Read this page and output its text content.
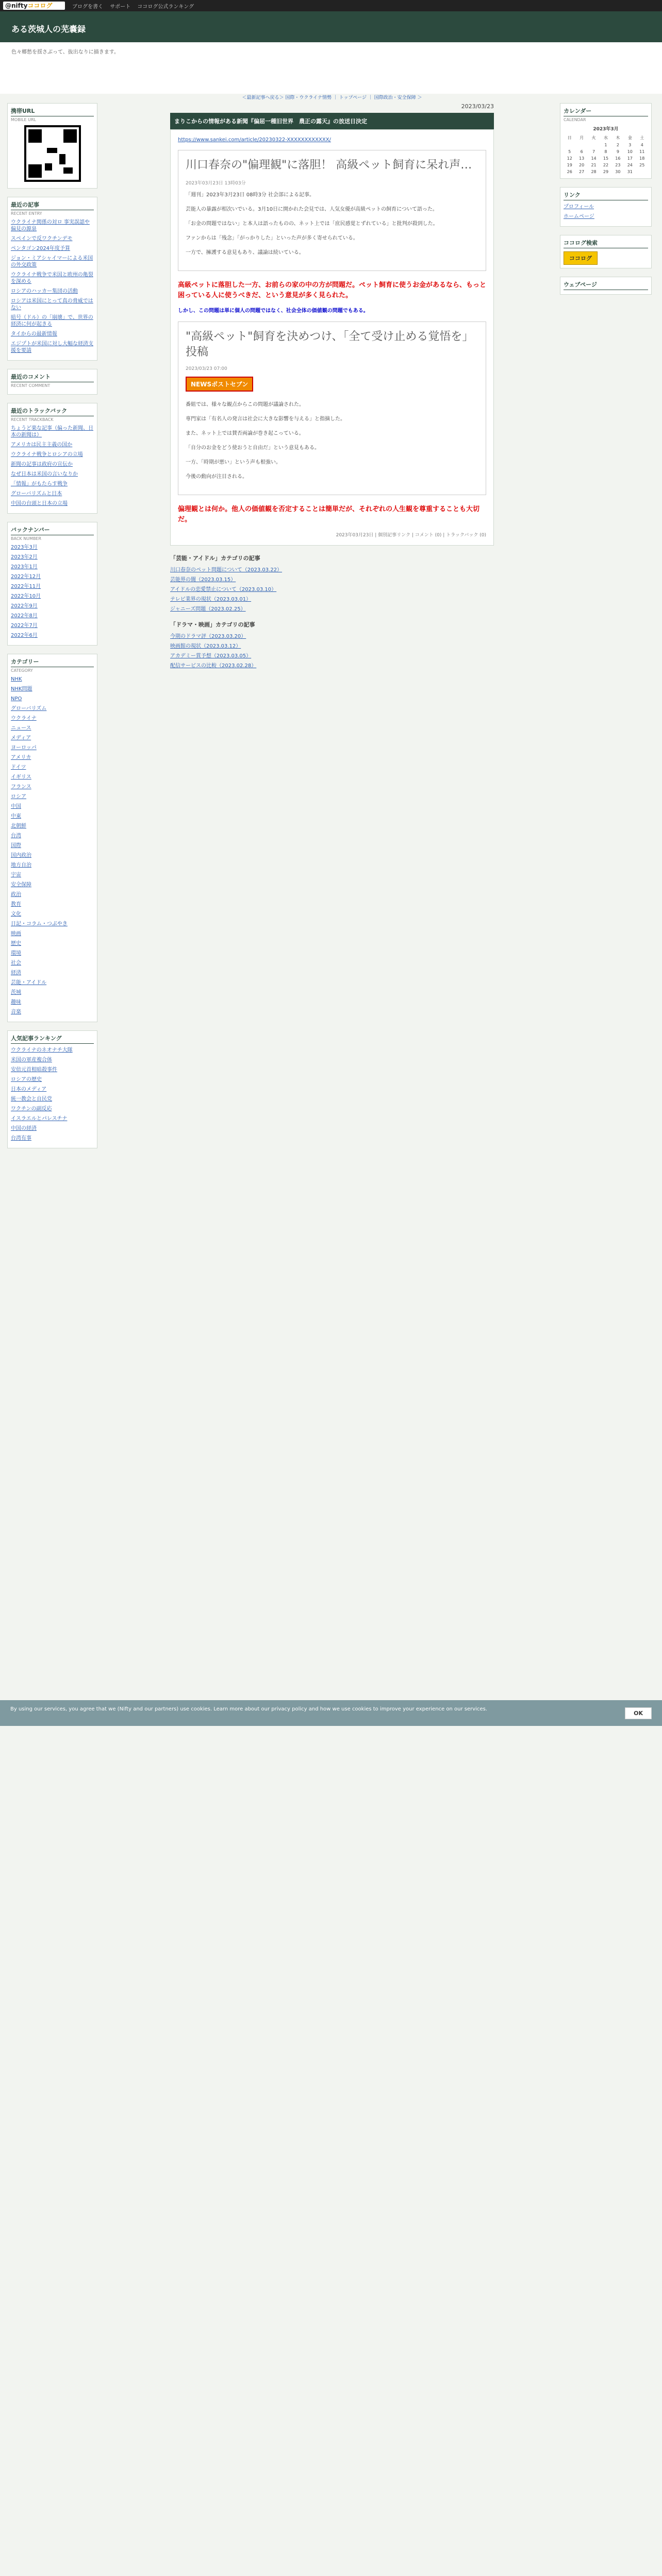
@niftyココログ	ブログを書く サポート ココログ公式ランキング
ある茨城人の芜嚢録
色々郷愁を揺さぶって、抜出なりに描きます。
＜最新記事へ戻る＞ 国際・ウクライナ情勢 ｜ トップページ ｜ 国際政治・安全保障 ＞
携帯URL
MOBILE URL
最近の記事
RECENT ENTRY
ウクライナ関係の対ロ 事実誤認や偏見の源泉
スペインで反ワクチンデモ
ペンタゴン2024年度予算
ジョン・ミアシャイマーによる米国の外交政策
ウクライナ戦争で米国と欧州の亀裂を深める
ロシアのハッカー集団の活動
ロシアは米国にとって真の脅威ではない
暗号（ドル）の「崩壊」で、世界の経済に何が起きる
タイからの最新情報
エジプトが米国に対し大幅な経済支援を要請
最近のコメント
RECENT COMMENT
最近のトラックバック
RECENT TRACKBACK
ちょうど楽な記事（偏った新聞、日本の新聞は）
アメリカは民主主義の国か
ウクライナ戦争とロシアの立場
新聞の記事は政府の宣伝か
なぜ日本は米国の言いなりか
「情報」がもたらす戦争
グローバリズムと日本
中国の台頭と日本の立場
バックナンバー
BACK NUMBER
2023年3月
2023年2月
2023年1月
2022年12月
2022年11月
2022年10月
2022年9月
2022年8月
2022年7月
2022年6月
カテゴリー
CATEGORY
NHK
NHK問題
NPO
グローバリズム
ウクライナ
ニュース
メディア
ヨーロッパ
アメリカ
ドイツ
イギリス
フランス
ロシア
中国
中東
北朝鮮
台湾
国際
国内政治
地方自治
宇宙
安全保障
政治
教育
文化
日記・コラム・つぶやき
映画
歴史
環境
社会
経済
芸能・アイドル
茨城
趣味
音楽
人気記事ランキング
ウクライナのネオナチ大隊
米国の軍産複合体
安倍元首相暗殺事件
ロシアの歴史
日本のメディア
統一教会と自民党
ワクチンの副反応
イスラエルとパレスチナ
中国の経済
台湾有事
2023/03/23
まりこからの情報がある新聞『偏屈一種旧世界　農正の露天』の放送日決定
https://www.sankei.com/article/20230322-XXXXXXXXXXXX/
川口春奈の"偏理観"に落胆！ 高級ペット飼育に呆れ声…
2023年03月23日 13時03分

「週刊」2023年3月23日 08時3分 社会部による記事。

芸能人の暴露が相次いでいる。3月10日に開かれた会見では、人気女優が高級ペットの飼育について語った。

「お金の問題ではない」と本人は語ったものの、ネット上では「庶民感覚とずれている」と批判が殺到した。

ファンからは「残念」「がっかりした」といった声が多く寄せられている。

一方で、擁護する意見もあり、議論は続いている。

高級ペットに落胆した一方、お前らの家の中の方が問題だ。ペット飼育に使うお金があるなら、もっと困っている人に使うべきだ、という意見が多く見られた。

しかし、この問題は単に個人の問題ではなく、社会全体の価値観の問題でもある。

"高級ペット"飼育を決めつけ、「全て受け止める覚悟を」投稿
2023/03/23 07:00
NEWSポストセブン

番組では、様々な観点からこの問題が議論された。

専門家は「有名人の発言は社会に大きな影響を与える」と指摘した。

また、ネット上では賛否両論が巻き起こっている。

「自分のお金をどう使おうと自由だ」という意見もある。

一方、「時期が悪い」という声も根強い。

今後の動向が注目される。

偏理観とは何か。他人の価値観を否定することは簡単だが、それぞれの人生観を尊重することも大切だ。

2023年03月23日 | 個別記事リンク | コメント (0) | トラックバック (0)
「芸能・アイドル」カテゴリの記事
川口春奈のペット問題について（2023.03.22）
芸能界の闇（2023.03.15）
アイドルの恋愛禁止について（2023.03.10）
テレビ業界の現状（2023.03.01）
ジャニーズ問題（2023.02.25）
「ドラマ・映画」カテゴリの記事
今期のドラマ評（2023.03.20）
映画館の現状（2023.03.12）
アカデミー賞予想（2023.03.05）
配信サービスの比較（2023.02.28）
カレンダー
CALENDAR
2023年3月
日	月	火	水	木	金	土
			1	2	3	4
5	6	7	8	9	10	11
12	13	14	15	16	17	18
19	20	21	22	23	24	25
26	27	28	29	30	31	
リンク
プロフィール
ホームページ
ココログ検索
ココログ
ウェブページ
By using our services, you agree that we (Nifty and our partners) use cookies. Learn more about our privacy policy and how we use cookies to improve your experience on our services.
OK
